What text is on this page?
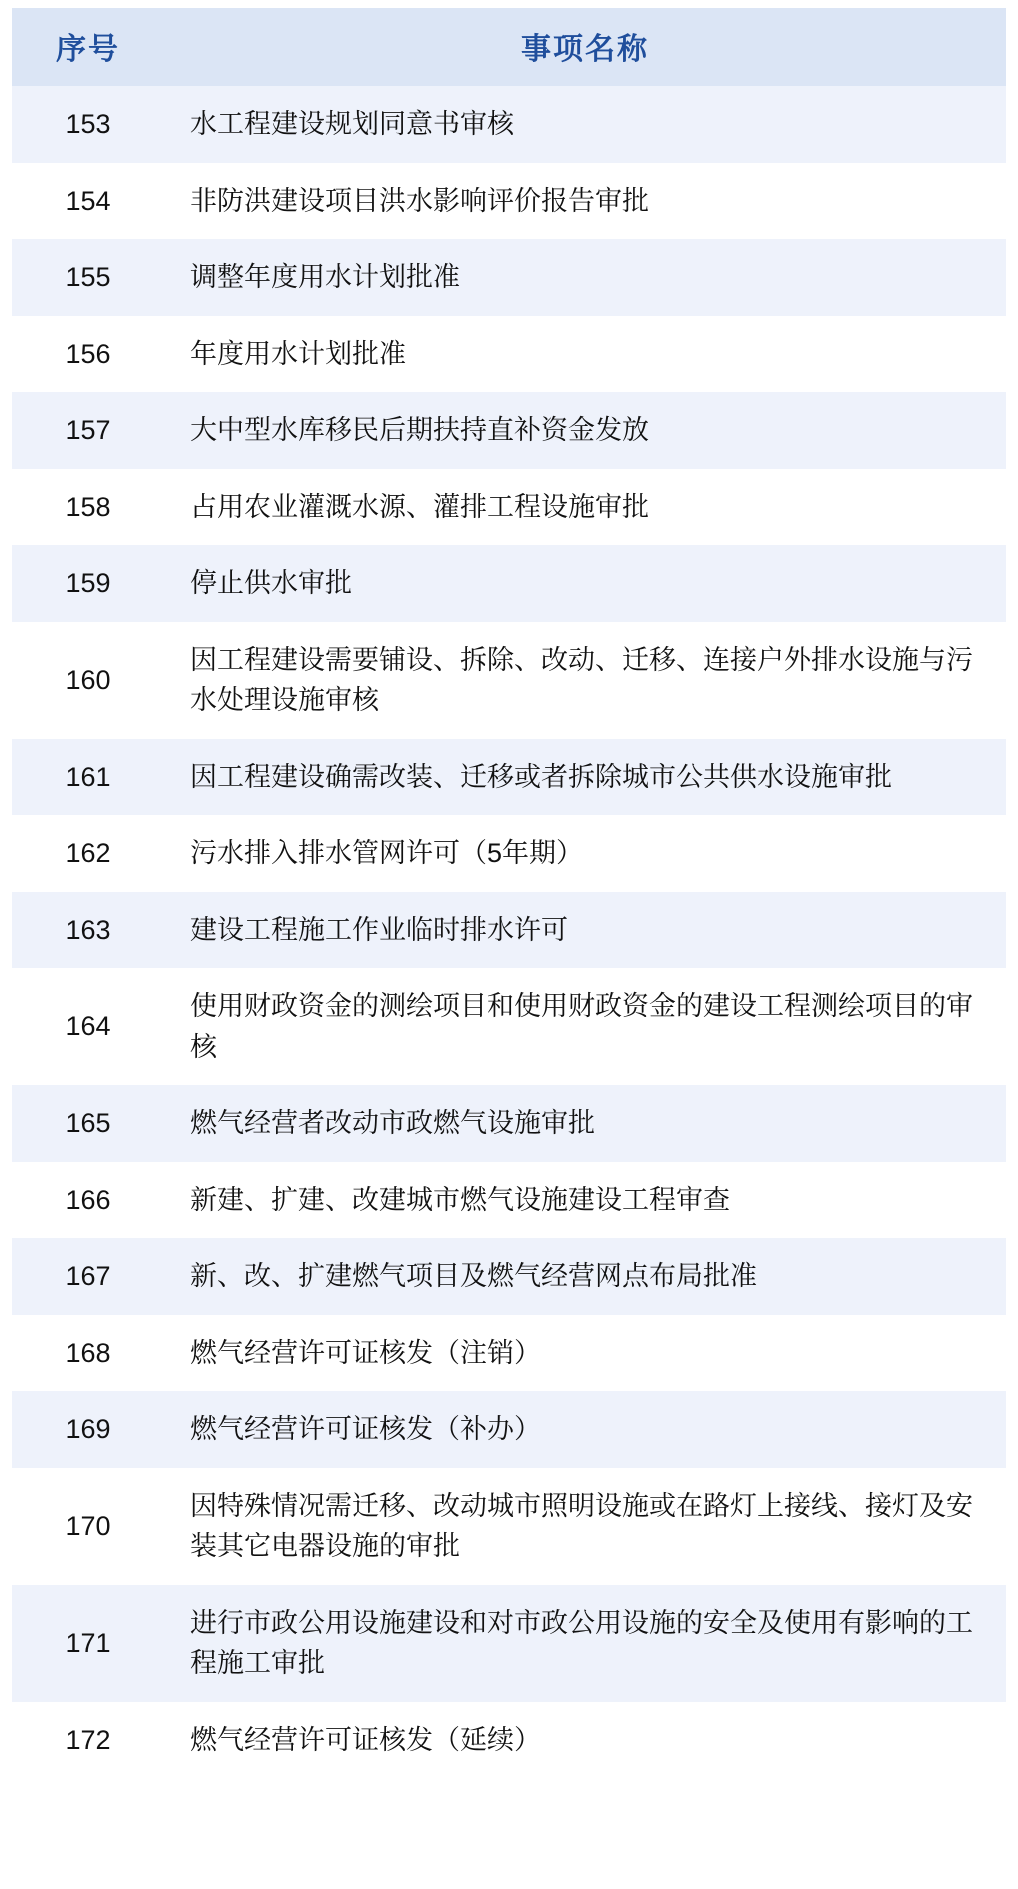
序号	事项名称
153	水工程建设规划同意书审核
154	非防洪建设项目洪水影响评价报告审批
155	调整年度用水计划批准
156	年度用水计划批准
157	大中型水库移民后期扶持直补资金发放
158	占用农业灌溉水源、灌排工程设施审批
159	停止供水审批
160	因工程建设需要铺设、拆除、改动、迁移、连接户外排水设施与污水处理设施审核
161	因工程建设确需改装、迁移或者拆除城市公共供水设施审批
162	污水排入排水管网许可（5年期）
163	建设工程施工作业临时排水许可
164	使用财政资金的测绘项目和使用财政资金的建设工程测绘项目的审核
165	燃气经营者改动市政燃气设施审批
166	新建、扩建、改建城市燃气设施建设工程审查
167	新、改、扩建燃气项目及燃气经营网点布局批准
168	燃气经营许可证核发（注销）
169	燃气经营许可证核发（补办）
170	因特殊情况需迁移、改动城市照明设施或在路灯上接线、接灯及安装其它电器设施的审批
171	进行市政公用设施建设和对市政公用设施的安全及使用有影响的工程施工审批
172	燃气经营许可证核发（延续）
